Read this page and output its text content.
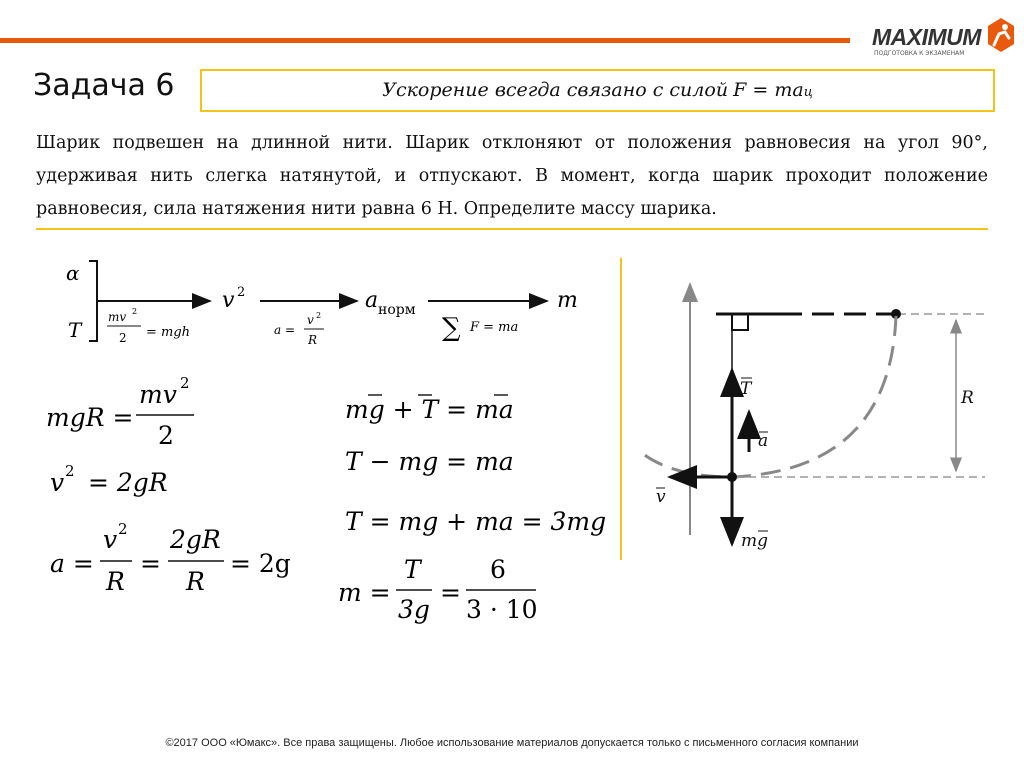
MAXIMUM
ПОДГОТОВКА К ЭКЗАМЕНАМ
Задача 6	Ускорение всегда связано с силой F = maц
Шарик подвешен на длинной нити. Шарик отклоняют от положения равновесия на угол 90°, удерживая нить слегка натянутой, и отпускают. В момент, когда шарик проходит положение равновесия, сила натяжения нити равна 6 Н. Определите массу шарика.
α
T
mv 2
2 = mgh
v 2
a =
v 2
R
a норм
∑ F = ma
m
mgR =
mv 2
2
v 2 = 2gR
a =
v 2
R
=
2gR
R
= 2g
mg + T = ma
T − mg = ma
T = mg + ma = 3mg
m =
T
3g
=
6
3 · 10
R
T
a
v
mg
©2017 ООО «Юмакс». Все права защищены. Любое использование материалов допускается только с письменного согласия компании
